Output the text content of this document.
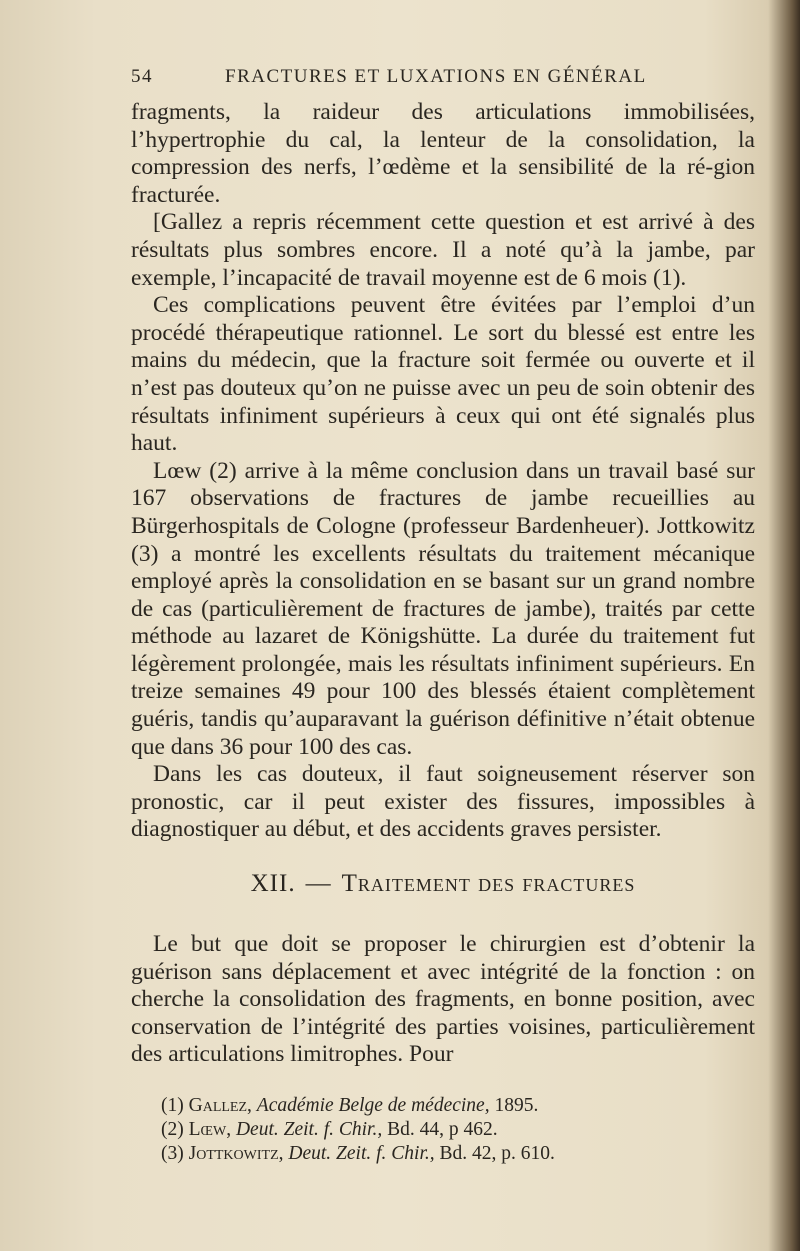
54	FRACTURES ET LUXATIONS EN GÉNÉRAL

fragments, la raideur des articulations immobilisées, l’hypertrophie du cal, la lenteur de la consolidation, la compression des nerfs, l’œdème et la sensibilité de la ré-gion fracturée.

[Gallez a repris récemment cette question et est arrivé à des résultats plus sombres encore. Il a noté qu’à la jambe, par exemple, l’incapacité de travail moyenne est de 6 mois (1).

Ces complications peuvent être évitées par l’emploi d’un procédé thérapeutique rationnel. Le sort du blessé est entre les mains du médecin, que la fracture soit fermée ou ouverte et il n’est pas douteux qu’on ne puisse avec un peu de soin obtenir des résultats infiniment supérieurs à ceux qui ont été signalés plus haut.

Lœw (2) arrive à la même conclusion dans un travail basé sur 167 observations de fractures de jambe recueillies au Bürgerhospitals de Cologne (professeur Bardenheuer). Jottkowitz (3) a montré les excellents résultats du traitement mécanique employé après la consolidation en se basant sur un grand nombre de cas (particulièrement de fractures de jambe), traités par cette méthode au lazaret de Königshütte. La durée du traitement fut légèrement prolongée, mais les résultats infiniment supérieurs. En treize semaines 49 pour 100 des blessés étaient complètement guéris, tandis qu’auparavant la guérison définitive n’était obtenue que dans 36 pour 100 des cas.

Dans les cas douteux, il faut soigneusement réserver son pronostic, car il peut exister des fissures, impossibles à diagnostiquer au début, et des accidents graves persister.

XII. — Traitement des fractures

Le but que doit se proposer le chirurgien est d’obtenir la guérison sans déplacement et avec intégrité de la fonction : on cherche la consolidation des fragments, en bonne position, avec conservation de l’intégrité des parties voisines, particulièrement des articulations limitrophes. Pour

(1) Gallez, Académie Belge de médecine, 1895.
(2) Lœw, Deut. Zeit. f. Chir., Bd. 44, p 462.
(3) Jottkowitz, Deut. Zeit. f. Chir., Bd. 42, p. 610.
